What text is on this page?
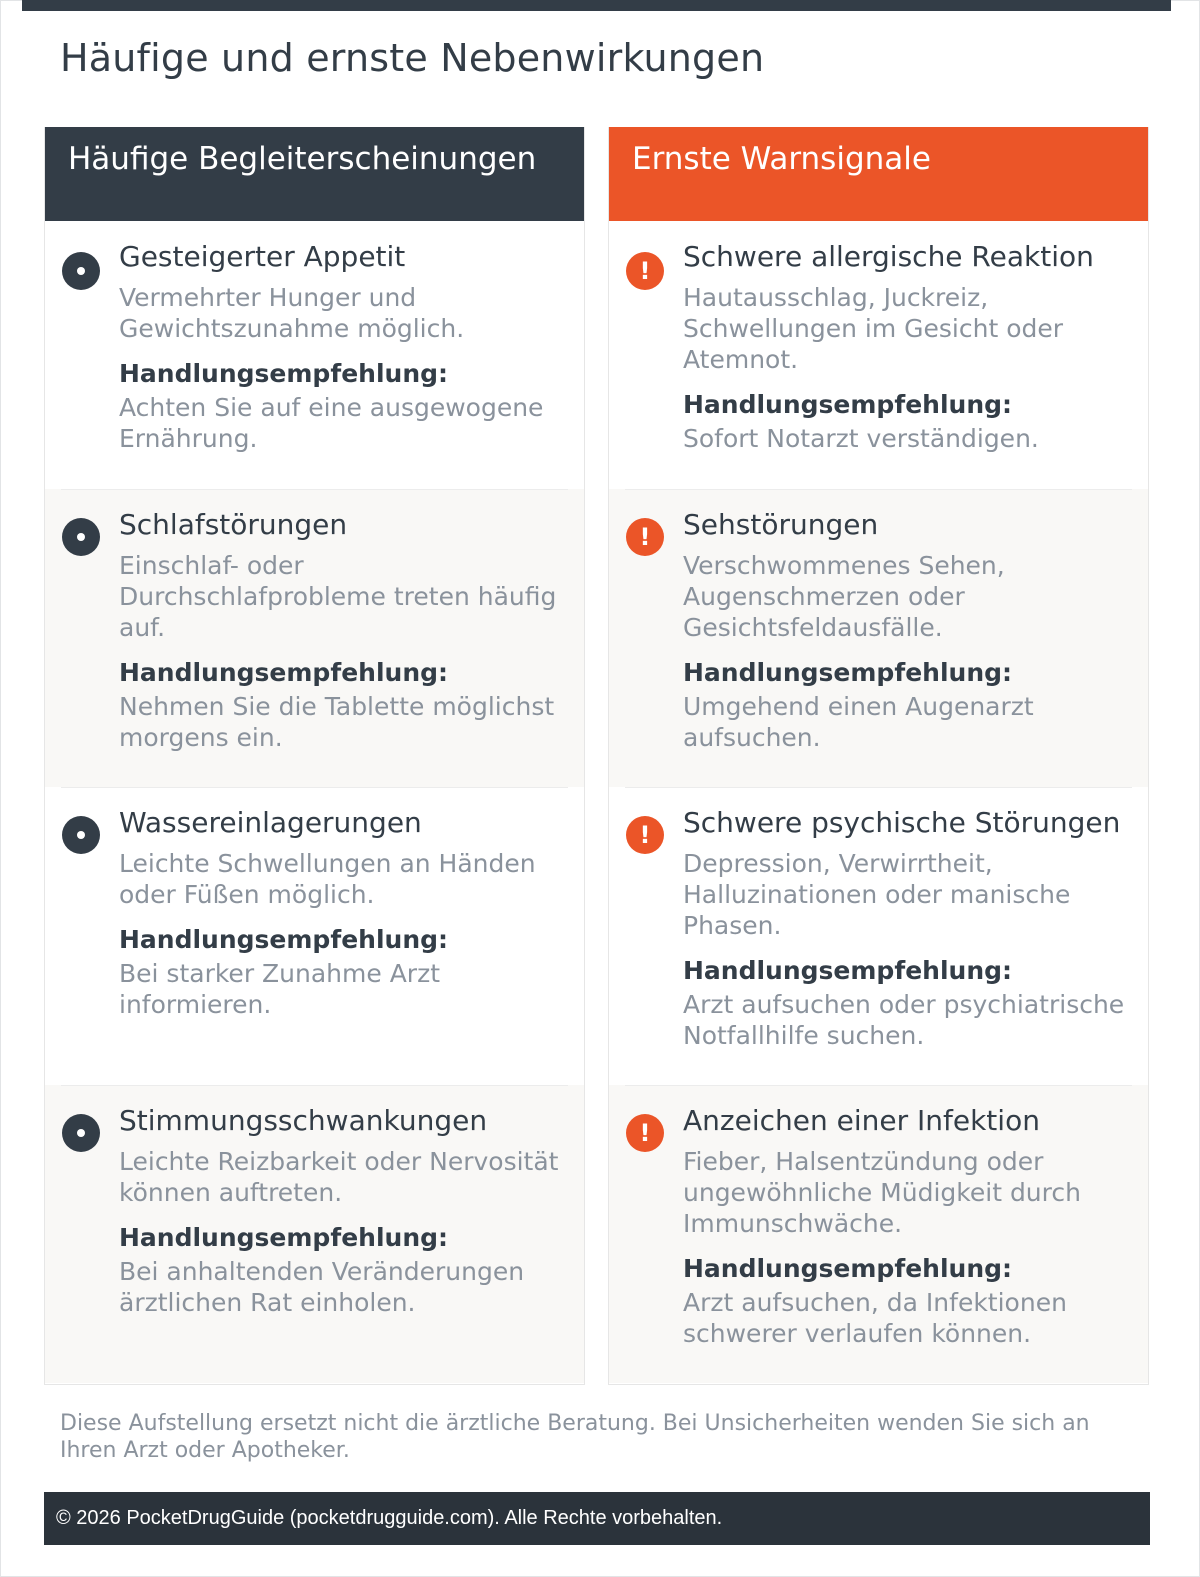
Häufige und ernste Nebenwirkungen
Häufige Begleiterscheinungen
Gesteigerter Appetit
Vermehrter Hunger und Gewichtszunahme möglich.
Handlungsempfehlung:
Achten Sie auf eine ausgewogene Ernährung.
Schlafstörungen
Einschlaf- oder Durchschlafprobleme treten häufig auf.
Handlungsempfehlung:
Nehmen Sie die Tablette möglichst morgens ein.
Wassereinlagerungen
Leichte Schwellungen an Händen oder Füßen möglich.
Handlungsempfehlung:
Bei starker Zunahme Arzt informieren.
Stimmungsschwankungen
Leichte Reizbarkeit oder Nervosität können auftreten.
Handlungsempfehlung:
Bei anhaltenden Veränderungen ärztlichen Rat einholen.
Ernste Warnsignale
!	Schwere allergische Reaktion
Hautausschlag, Juckreiz, Schwellungen im Gesicht oder Atemnot.
Handlungsempfehlung:
Sofort Notarzt verständigen.
!	Sehstörungen
Verschwommenes Sehen, Augenschmerzen oder Gesichtsfeldausfälle.
Handlungsempfehlung:
Umgehend einen Augenarzt aufsuchen.
!	Schwere psychische Störungen
Depression, Verwirrtheit, Halluzinationen oder manische Phasen.
Handlungsempfehlung:
Arzt aufsuchen oder psychiatrische Notfallhilfe suchen.
!	Anzeichen einer Infektion
Fieber, Halsentzündung oder ungewöhnliche Müdigkeit durch Immunschwäche.
Handlungsempfehlung:
Arzt aufsuchen, da Infektionen schwerer verlaufen können.

Diese Aufstellung ersetzt nicht die ärztliche Beratung. Bei Unsicherheiten wenden Sie sich an Ihren Arzt oder Apotheker.

© 2026 PocketDrugGuide (pocketdrugguide.com). Alle Rechte vorbehalten.
